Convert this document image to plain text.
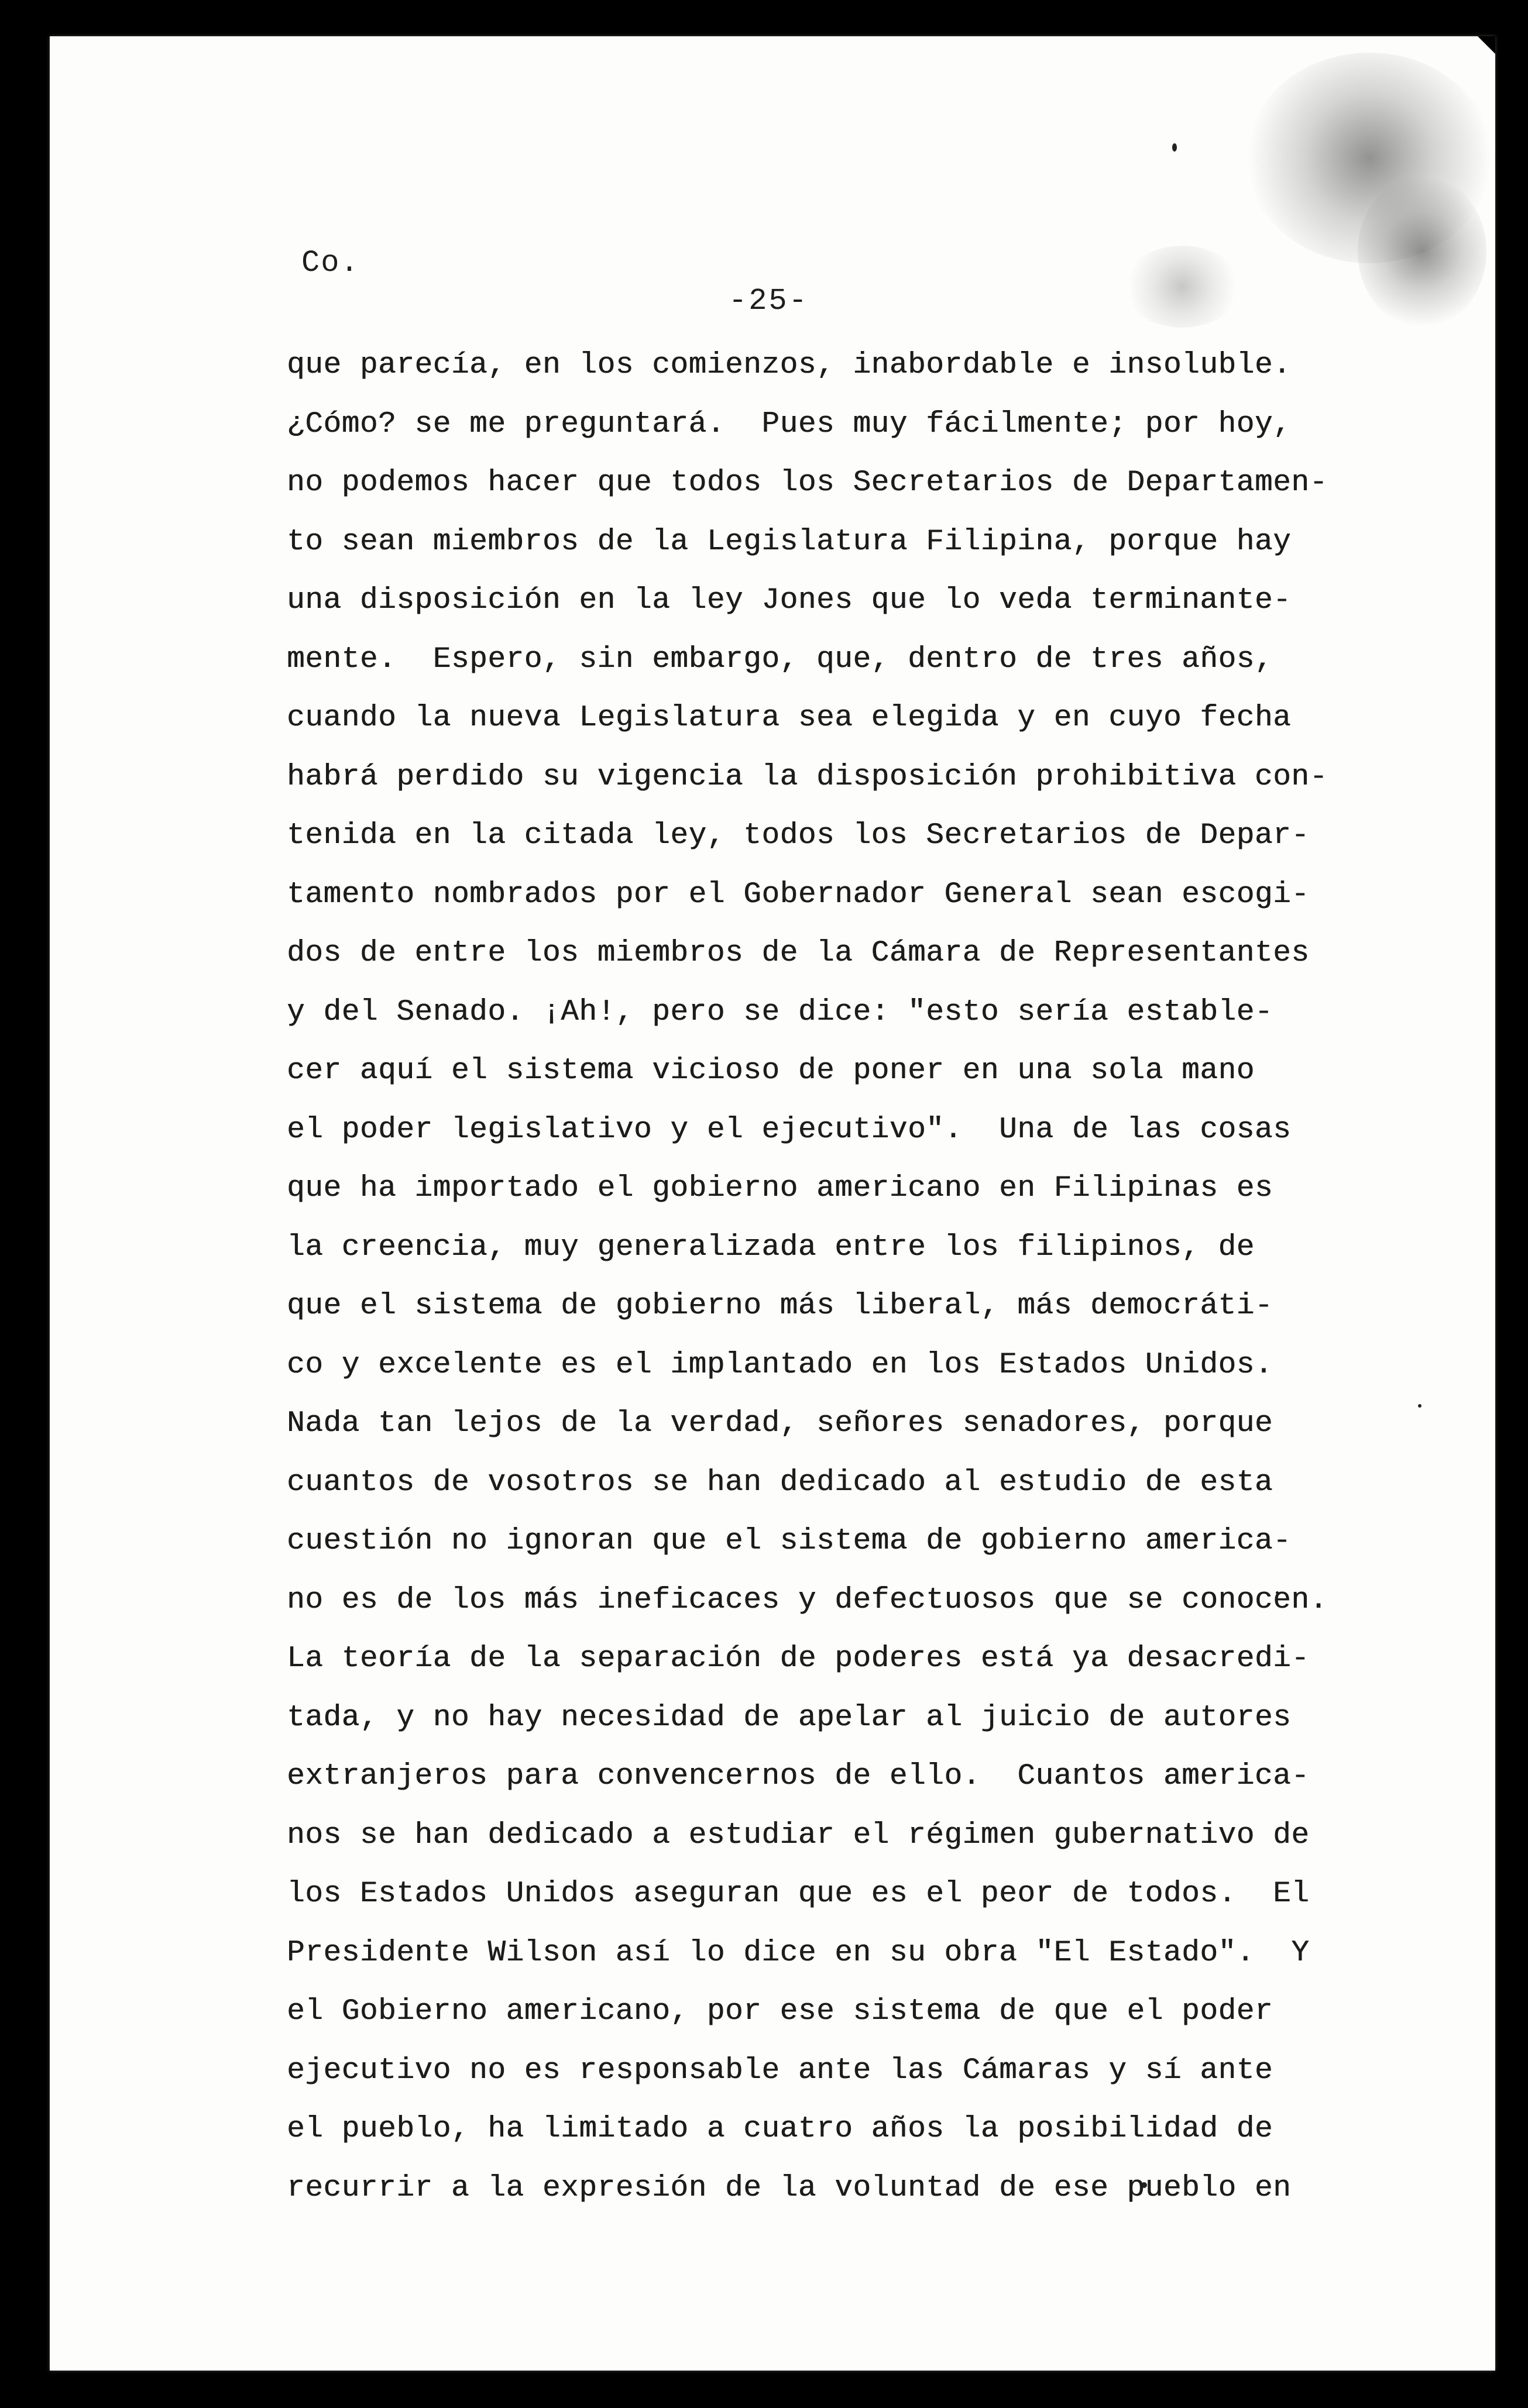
Co.
-25-
que parecía, en los comienzos, inabordable e insoluble.
¿Cómo? se me preguntará.  Pues muy fácilmente; por hoy,
no podemos hacer que todos los Secretarios de Departamen-
to sean miembros de la Legislatura Filipina, porque hay
una disposición en la ley Jones que lo veda terminante-
mente.  Espero, sin embargo, que, dentro de tres años,
cuando la nueva Legislatura sea elegida y en cuyo fecha
habrá perdido su vigencia la disposición prohibitiva con-
tenida en la citada ley, todos los Secretarios de Depar-
tamento nombrados por el Gobernador General sean escogi-
dos de entre los miembros de la Cámara de Representantes
y del Senado. ¡Ah!, pero se dice: "esto sería estable-
cer aquí el sistema vicioso de poner en una sola mano
el poder legislativo y el ejecutivo".  Una de las cosas
que ha importado el gobierno americano en Filipinas es
la creencia, muy generalizada entre los filipinos, de
que el sistema de gobierno más liberal, más democráti-
co y excelente es el implantado en los Estados Unidos.
Nada tan lejos de la verdad, señores senadores, porque
cuantos de vosotros se han dedicado al estudio de esta
cuestión no ignoran que el sistema de gobierno america-
no es de los más ineficaces y defectuosos que se conocen.
La teoría de la separación de poderes está ya desacredi-
tada, y no hay necesidad de apelar al juicio de autores
extranjeros para convencernos de ello.  Cuantos america-
nos se han dedicado a estudiar el régimen gubernativo de
los Estados Unidos aseguran que es el peor de todos.  El
Presidente Wilson así lo dice en su obra "El Estado".  Y
el Gobierno americano, por ese sistema de que el poder
ejecutivo no es responsable ante las Cámaras y sí ante
el pueblo, ha limitado a cuatro años la posibilidad de
recurrir a la expresión de la voluntad de ese pueblo en
